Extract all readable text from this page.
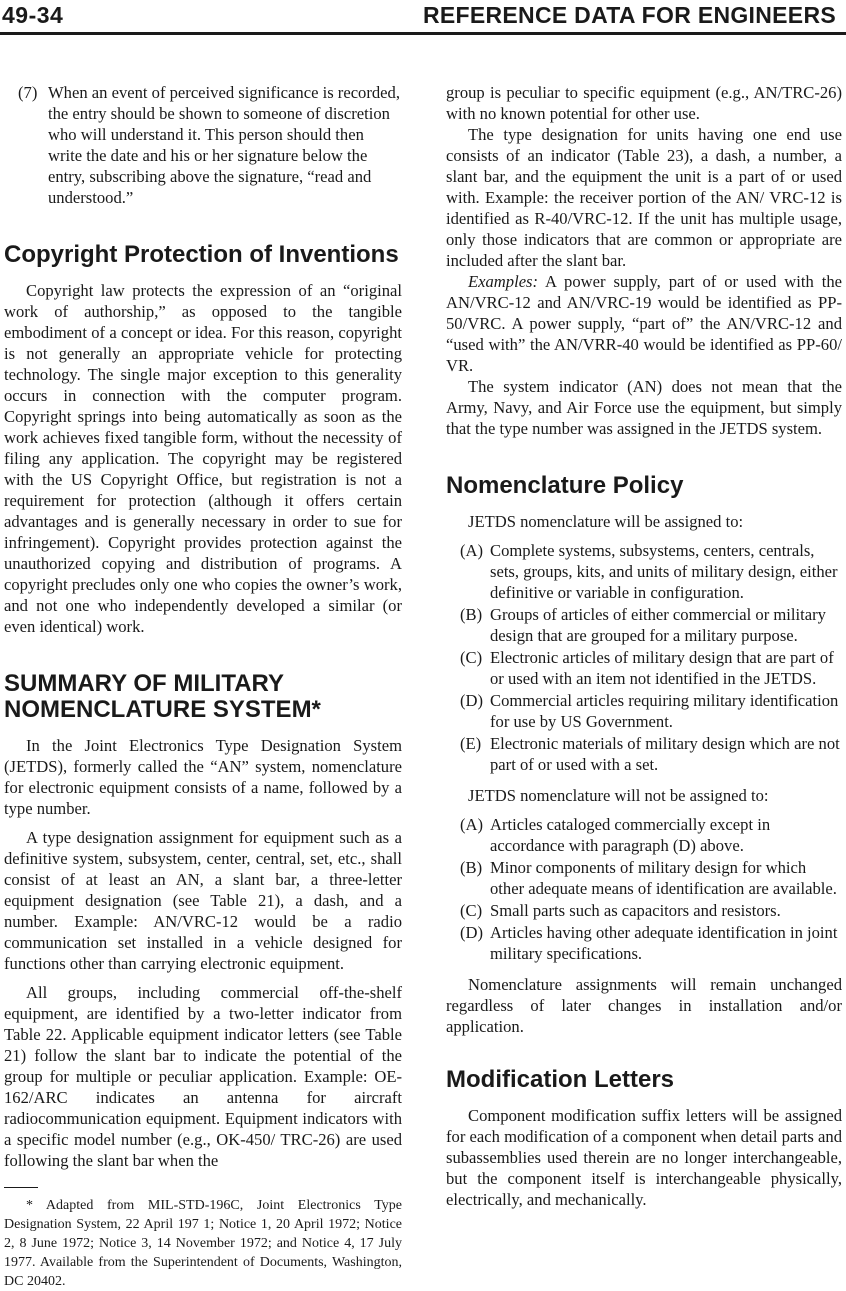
49-34	REFERENCE DATA FOR ENGINEERS
(7) When an event of perceived significance is recorded, the entry should be shown to someone of discretion who will understand it. This person should then write the date and his or her signature below the entry, subscribing above the signature, “read and understood.”
Copyright Protection of Inventions

Copyright law protects the expression of an “original work of authorship,” as opposed to the tangible embodiment of a concept or idea. For this reason, copyright is not generally an appropriate vehicle for protecting technology. The single major exception to this generality occurs in connection with the computer program. Copyright springs into being automatically as soon as the work achieves fixed tangible form, without the necessity of filing any application. The copyright may be registered with the US Copyright Office, but registration is not a requirement for protection (although it offers certain advantages and is generally necessary in order to sue for infringement). Copyright provides protection against the unauthorized copying and distribution of programs. A copyright precludes only one who copies the owner’s work, and not one who independently developed a similar (or even identical) work.

SUMMARY OF MILITARY NOMENCLATURE SYSTEM*

In the Joint Electronics Type Designation System (JETDS), formerly called the “AN” system, nomenclature for electronic equipment consists of a name, followed by a type number.

A type designation assignment for equipment such as a definitive system, subsystem, center, central, set, etc., shall consist of at least an AN, a slant bar, a three-letter equipment designation (see Table 21), a dash, and a number. Example: AN/VRC-12 would be a radio communication set installed in a vehicle designed for functions other than carrying electronic equipment.

All groups, including commercial off-the-shelf equipment, are identified by a two-letter indicator from Table 22. Applicable equipment indicator letters (see Table 21) follow the slant bar to indicate the potential of the group for multiple or peculiar application. Example: OE-162/ARC indicates an antenna for aircraft radiocommunication equipment. Equipment indicators with a specific model number (e.g., OK-450/ TRC-26) are used following the slant bar when the

* Adapted from MIL-STD-196C, Joint Electronics Type Designation System, 22 April 197 1; Notice 1, 20 April 1972; Notice 2, 8 June 1972; Notice 3, 14 November 1972; and Notice 4, 17 July 1977. Available from the Superintendent of Documents, Washington, DC 20402.

group is peculiar to specific equipment (e.g., AN/TRC-26) with no known potential for other use.

The type designation for units having one end use consists of an indicator (Table 23), a dash, a number, a slant bar, and the equipment the unit is a part of or used with. Example: the receiver portion of the AN/ VRC-12 is identified as R-40/VRC-12. If the unit has multiple usage, only those indicators that are common or appropriate are included after the slant bar.

Examples: A power supply, part of or used with the AN/VRC-12 and AN/VRC-19 would be identified as PP-50/VRC. A power supply, “part of” the AN/VRC-12 and “used with” the AN/VRR-40 would be identified as PP-60/ VR.

The system indicator (AN) does not mean that the Army, Navy, and Air Force use the equipment, but simply that the type number was assigned in the JETDS system.

Nomenclature Policy

JETDS nomenclature will be assigned to:

(A) Complete systems, subsystems, centers, centrals, sets, groups, kits, and units of military design, either definitive or variable in configuration.
(B) Groups of articles of either commercial or military design that are grouped for a military purpose.
(C) Electronic articles of military design that are part of or used with an item not identified in the JETDS.
(D) Commercial articles requiring military identification for use by US Government.
(E) Electronic materials of military design which are not part of or used with a set.

JETDS nomenclature will not be assigned to:

(A) Articles cataloged commercially except in accordance with paragraph (D) above.
(B) Minor components of military design for which other adequate means of identification are available.
(C) Small parts such as capacitors and resistors.
(D) Articles having other adequate identification in joint military specifications.

Nomenclature assignments will remain unchanged regardless of later changes in installation and/or application.

Modification Letters

Component modification suffix letters will be assigned for each modification of a component when detail parts and subassemblies used therein are no longer interchangeable, but the component itself is interchangeable physically, electrically, and mechanically.
